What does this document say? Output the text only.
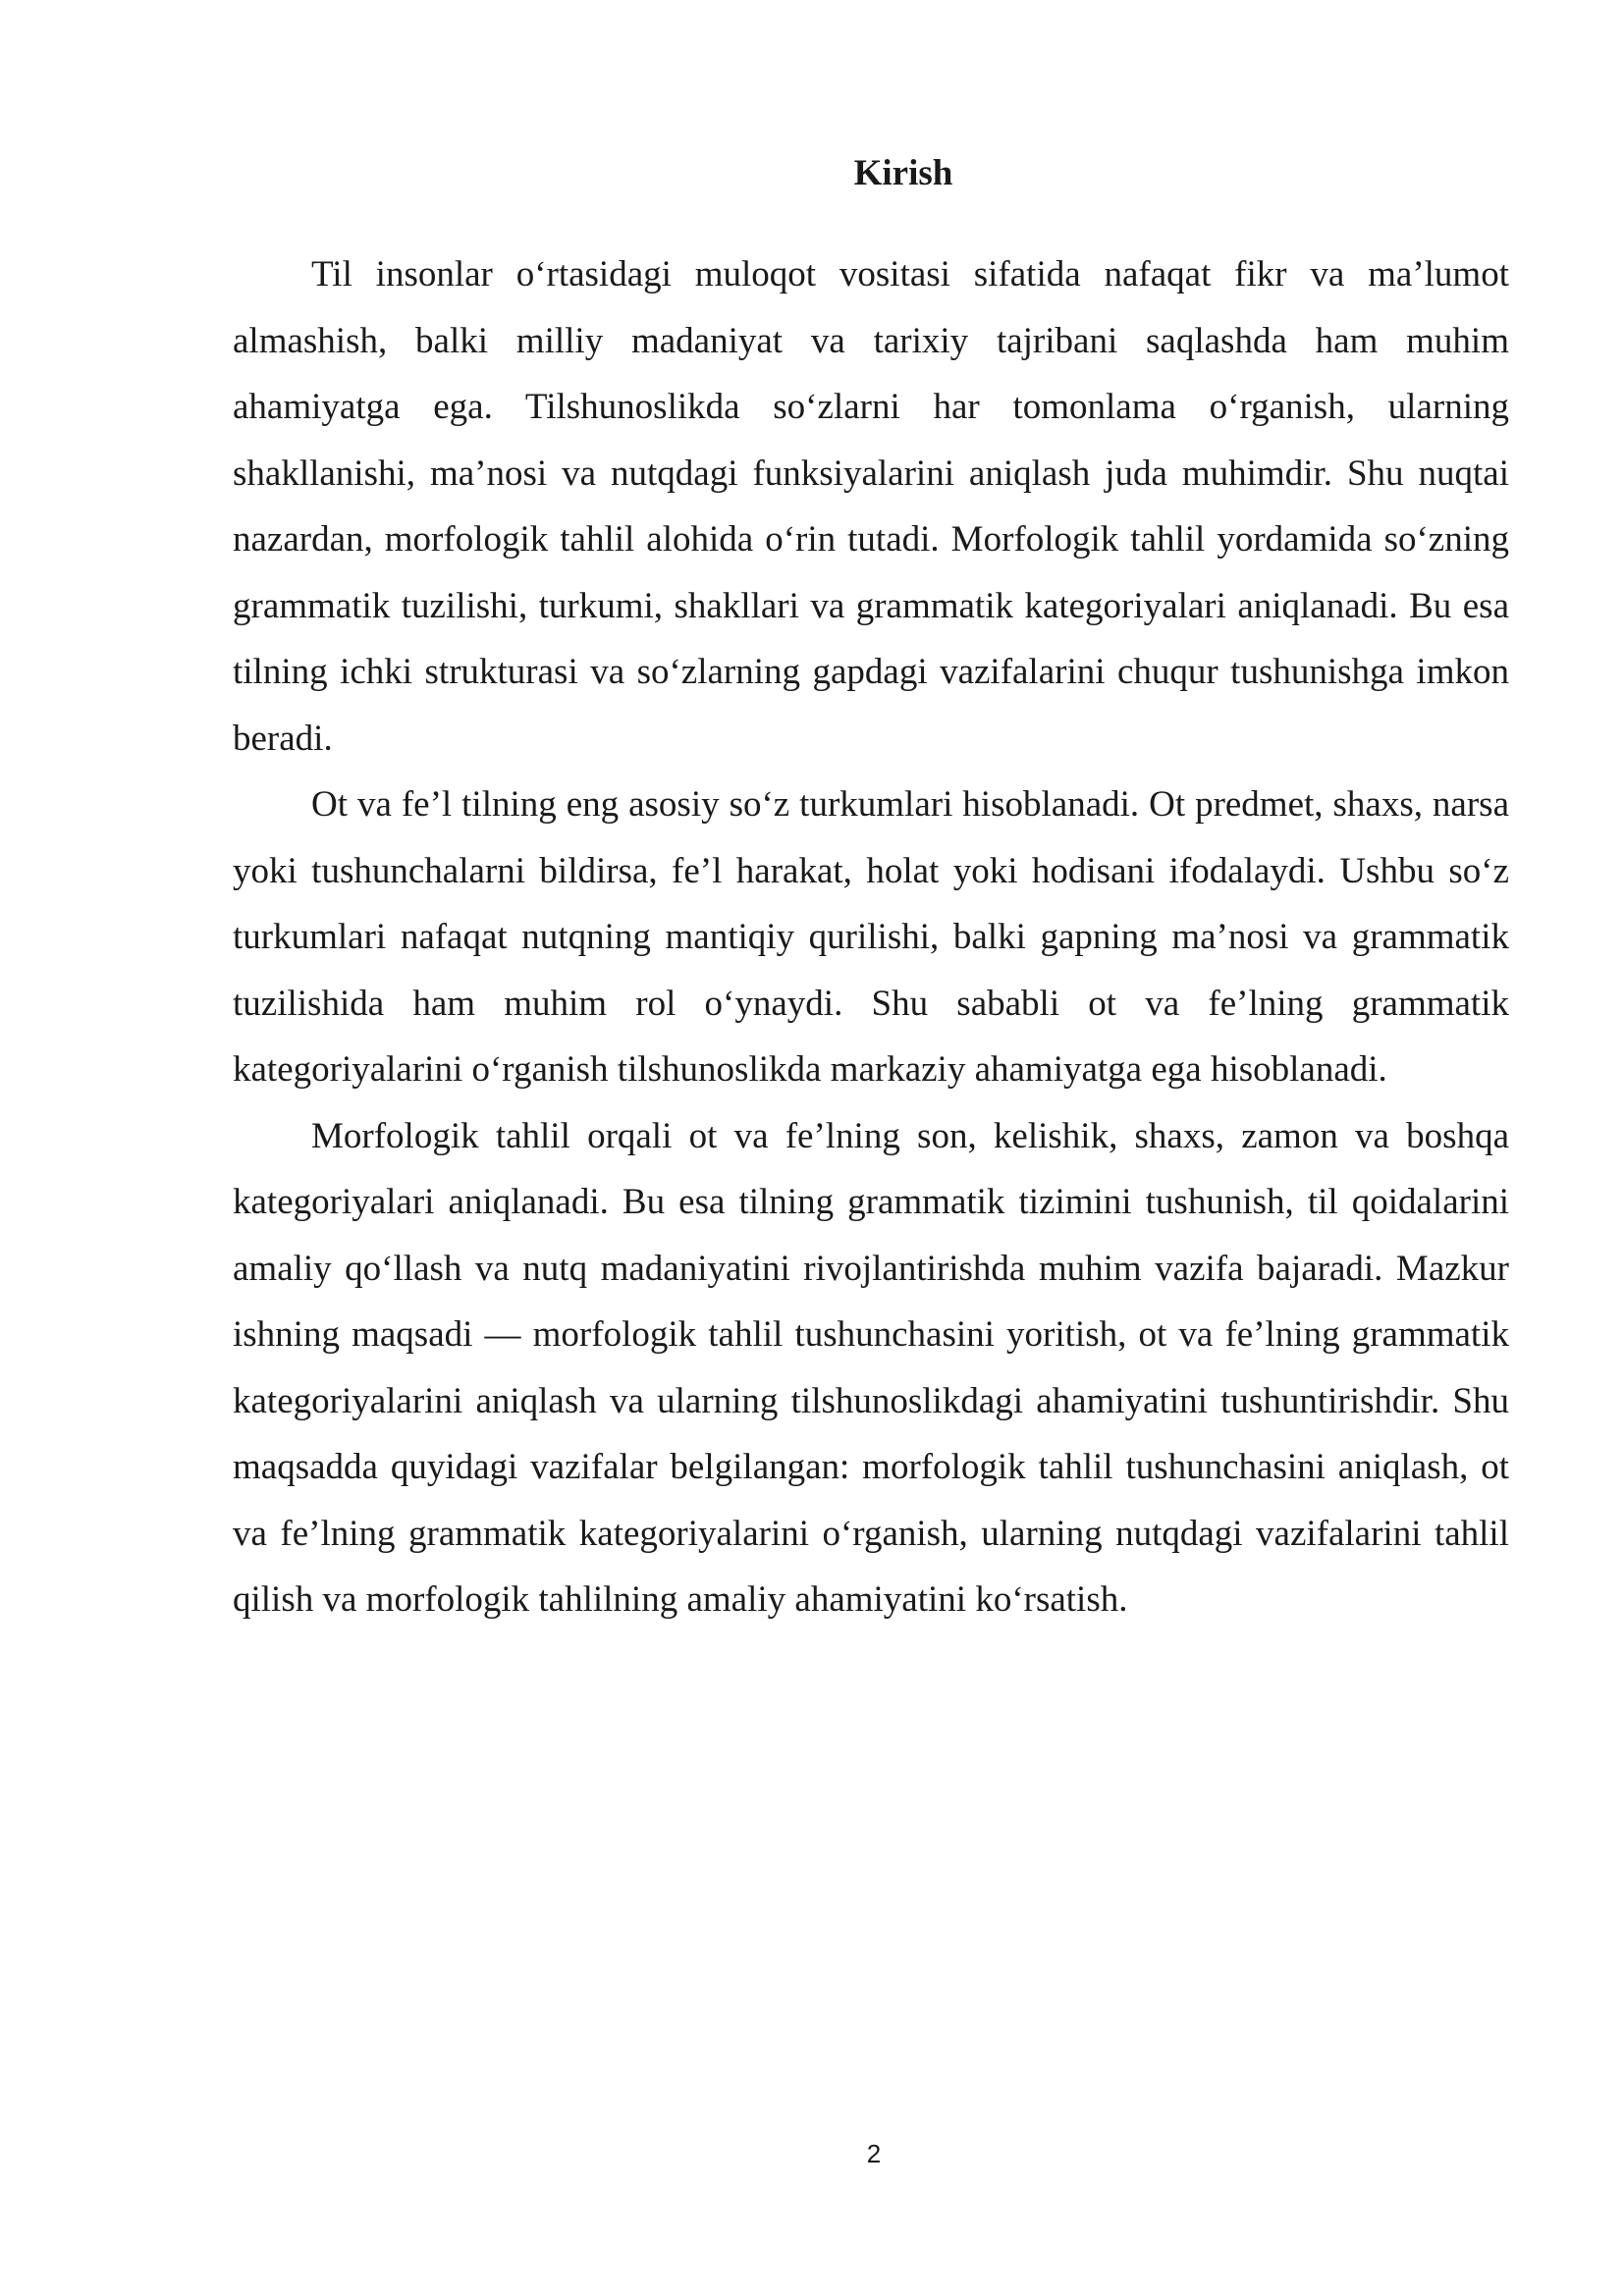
Kirish

Til insonlar o‘rtasidagi muloqot vositasi sifatida nafaqat fikr va ma’lumot almashish, balki milliy madaniyat va tarixiy tajribani saqlashda ham muhim ahamiyatga ega. Tilshunoslikda so‘zlarni har tomonlama o‘rganish, ularning shakllanishi, ma’nosi va nutqdagi funksiyalarini aniqlash juda muhimdir. Shu nuqtai nazardan, morfologik tahlil alohida o‘rin tutadi. Morfologik tahlil yordamida so‘zning grammatik tuzilishi, turkumi, shakllari va grammatik kategoriyalari aniqlanadi. Bu esa tilning ichki strukturasi va so‘zlarning gapdagi vazifalarini chuqur tushunishga imkon beradi.

Ot va fe’l tilning eng asosiy so‘z turkumlari hisoblanadi. Ot predmet, shaxs, narsa yoki tushunchalarni bildirsa, fe’l harakat, holat yoki hodisani ifodalaydi. Ushbu so‘z turkumlari nafaqat nutqning mantiqiy qurilishi, balki gapning ma’nosi va grammatik tuzilishida ham muhim rol o‘ynaydi. Shu sababli ot va fe’lning grammatik kategoriyalarini o‘rganish tilshunoslikda markaziy ahamiyatga ega hisoblanadi.

Morfologik tahlil orqali ot va fe’lning son, kelishik, shaxs, zamon va boshqa kategoriyalari aniqlanadi. Bu esa tilning grammatik tizimini tushunish, til qoidalarini amaliy qo‘llash va nutq madaniyatini rivojlantirishda muhim vazifa bajaradi. Mazkur ishning maqsadi — morfologik tahlil tushunchasini yoritish, ot va fe’lning grammatik kategoriyalarini aniqlash va ularning tilshunoslikdagi ahamiyatini tushuntirishdir. Shu maqsadda quyidagi vazifalar belgilangan: morfologik tahlil tushunchasini aniqlash, ot va fe’lning grammatik kategoriyalarini o‘rganish, ularning nutqdagi vazifalarini tahlil qilish va morfologik tahlilning amaliy ahamiyatini ko‘rsatish.

2
